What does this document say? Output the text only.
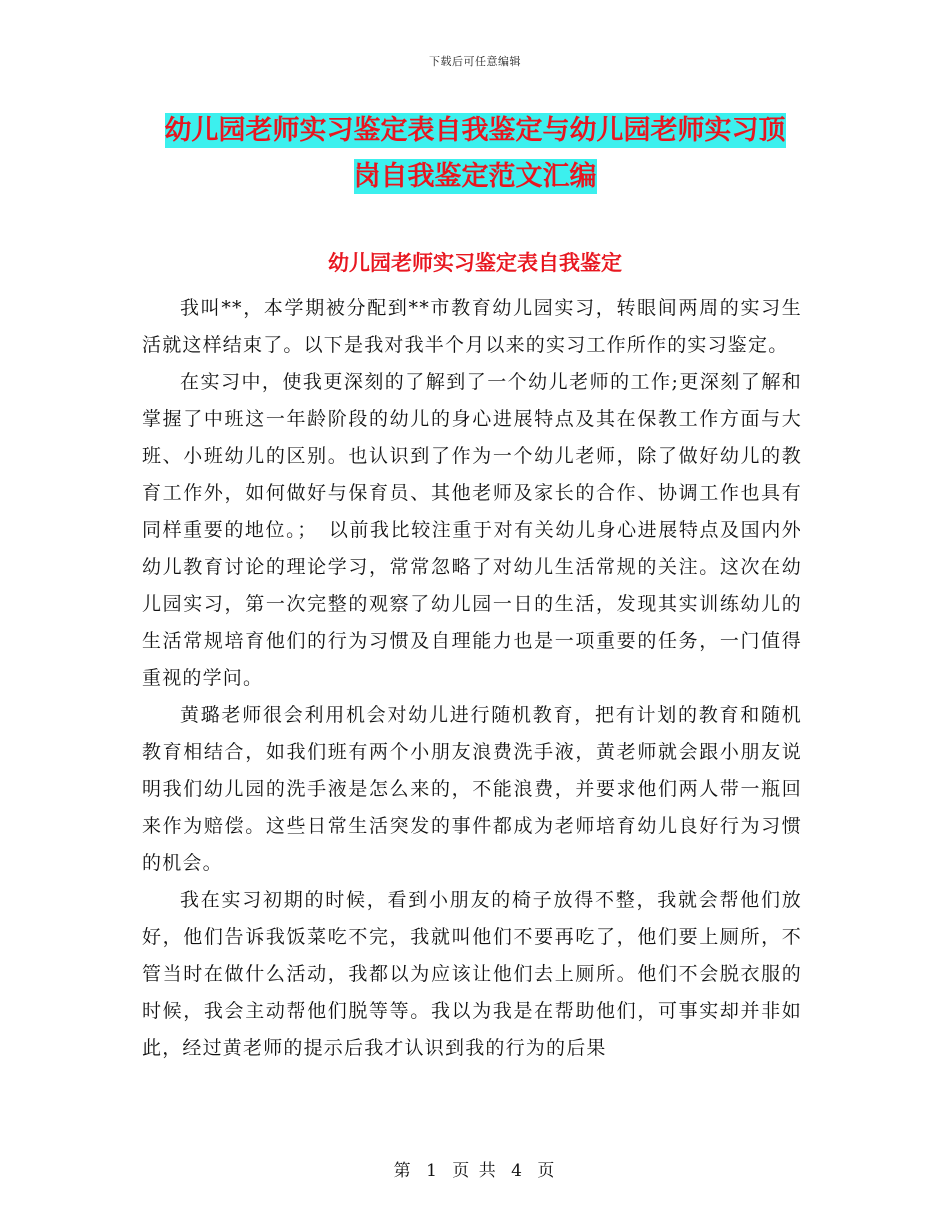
下载后可任意编辑
幼儿园老师实习鉴定表自我鉴定与幼儿园老师实习顶
岗自我鉴定范文汇编
幼儿园老师实习鉴定表自我鉴定

我叫**，本学期被分配到**市教育幼儿园实习，转眼间两周的实习生活就这样结束了。以下是我对我半个月以来的实习工作所作的实习鉴定。

在实习中，使我更深刻的了解到了一个幼儿老师的工作;更深刻了解和掌握了中班这一年龄阶段的幼儿的身心进展特点及其在保教工作方面与大班、小班幼儿的区别。也认识到了作为一个幼儿老师，除了做好幼儿的教育工作外，如何做好与保育员、其他老师及家长的合作、协调工作也具有同样重要的地位。；　以前我比较注重于对有关幼儿身心进展特点及国内外幼儿教育讨论的理论学习，常常忽略了对幼儿生活常规的关注。这次在幼儿园实习，第一次完整的观察了幼儿园一日的生活，发现其实训练幼儿的生活常规培育他们的行为习惯及自理能力也是一项重要的任务，一门值得重视的学问。

黄璐老师很会利用机会对幼儿进行随机教育，把有计划的教育和随机教育相结合，如我们班有两个小朋友浪费洗手液，黄老师就会跟小朋友说明我们幼儿园的洗手液是怎么来的，不能浪费，并要求他们两人带一瓶回来作为赔偿。这些日常生活突发的事件都成为老师培育幼儿良好行为习惯的机会。

我在实习初期的时候，看到小朋友的椅子放得不整，我就会帮他们放好，他们告诉我饭菜吃不完，我就叫他们不要再吃了，他们要上厕所，不管当时在做什么活动，我都以为应该让他们去上厕所。他们不会脱衣服的时候，我会主动帮他们脱等等。我以为我是在帮助他们，可事实却并非如此，经过黄老师的提示后我才认识到我的行为的后果

第 1 页 共 4 页
